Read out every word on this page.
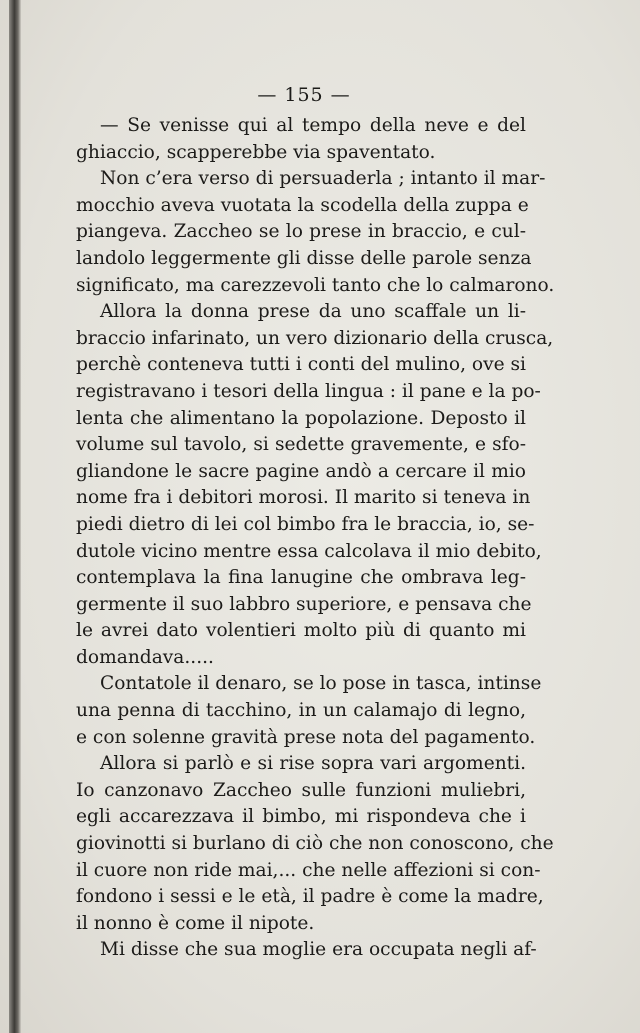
— 155 —
— Se venisse qui al tempo della neve e del
ghiaccio, scapperebbe via spaventato.
Non c’era verso di persuaderla ; intanto il mar-
mocchio aveva vuotata la scodella della zuppa e
piangeva. Zaccheo se lo prese in braccio, e cul-
landolo leggermente gli disse delle parole senza
significato, ma carezzevoli tanto che lo calmarono.
Allora la donna prese da uno scaffale un li-
braccio infarinato, un vero dizionario della crusca,
perchè conteneva tutti i conti del mulino, ove si
registravano i tesori della lingua : il pane e la po-
lenta che alimentano la popolazione. Deposto il
volume sul tavolo, si sedette gravemente, e sfo-
gliandone le sacre pagine andò a cercare il mio
nome fra i debitori morosi. Il marito si teneva in
piedi dietro di lei col bimbo fra le braccia, io, se-
dutole vicino mentre essa calcolava il mio debito,
contemplava la fina lanugine che ombrava leg-
germente il suo labbro superiore, e pensava che
le avrei dato volentieri molto più di quanto mi
domandava.....
Contatole il denaro, se lo pose in tasca, intinse
una penna di tacchino, in un calamajo di legno,
e con solenne gravità prese nota del pagamento.
Allora si parlò e si rise sopra vari argomenti.
Io canzonavo Zaccheo sulle funzioni muliebri,
egli accarezzava il bimbo, mi rispondeva che i
giovinotti si burlano di ciò che non conoscono, che
il cuore non ride mai,... che nelle affezioni si con-
fondono i sessi e le età, il padre è come la madre,
il nonno è come il nipote.
Mi disse che sua moglie era occupata negli af-
